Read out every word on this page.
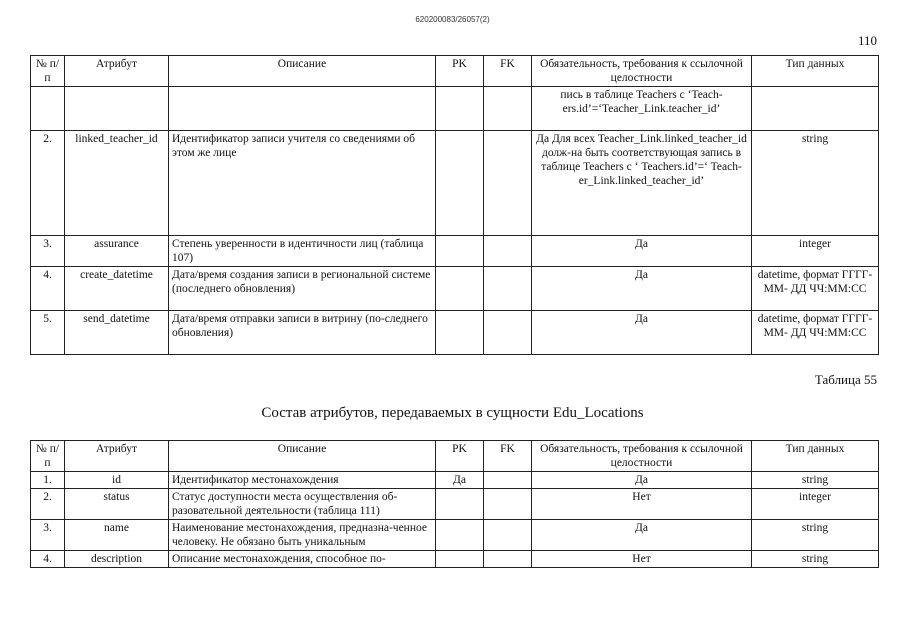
620200083/26057(2)
110
№ п/п	Атрибут	Описание	PK	FK	Обязательность, требования к ссылочной целостности	Тип данных
					пись в таблице Teachers с ‘Teach-ers.id’=‘Teacher_Link.teacher_id’	
2.	linked_teacher_id	Идентификатор записи учителя со сведениями об этом же лице			Да Для всех Teacher_Link.linked_teacher_id долж-на быть соответствующая запись в таблице Teachers с ‘ Teachers.id’=‘ Teach-er_Link.linked_teacher_id’	string
3.	assurance	Степень уверенности в идентичности лиц (таблица 107)			Да	integer
4.	create_datetime	Дата/время создания записи в региональной системе (последнего обновления)			Да	datetime, формат ГГГГ-ММ- ДД ЧЧ:ММ:СС
5.	send_datetime	Дата/время отправки записи в витрину (по-следнего обновления)			Да	datetime, формат ГГГГ-ММ- ДД ЧЧ:ММ:СС
Таблица 55
Состав атрибутов, передаваемых в сущности Edu_Locations
№ п/п	Атрибут	Описание	PK	FK	Обязательность, требования к ссылочной целостности	Тип данных
1.	id	Идентификатор местонахождения	Да		Да	string
2.	status	Статус доступности места осуществления об-разовательной деятельности (таблица 111)			Нет	integer
3.	name	Наименование местонахождения, предназна-ченное человеку. Не обязано быть уникальным			Да	string
4.	description	Описание местонахождения, способное по-			Нет	string
